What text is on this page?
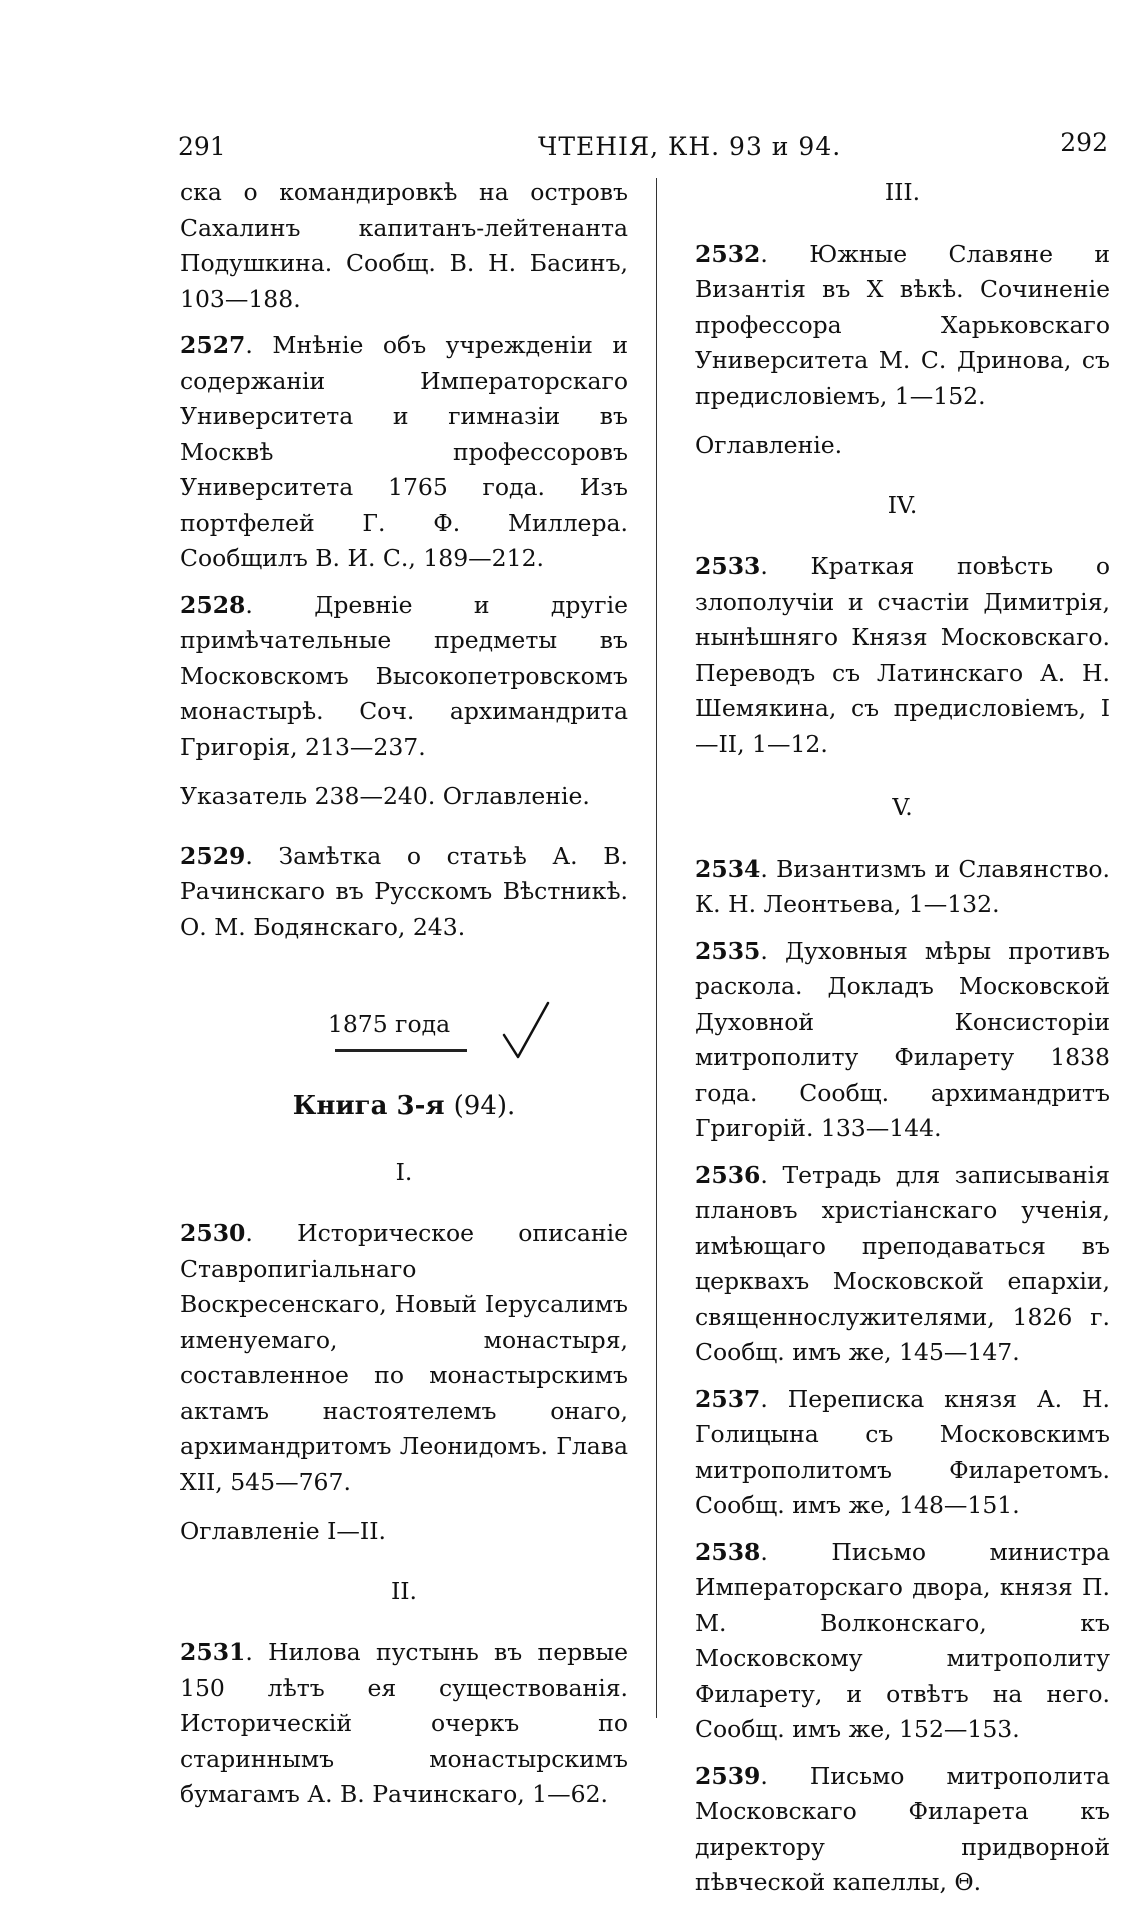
291	ЧТЕНІЯ, КН. 93 и 94.	292

ска о командировкѣ на островъ Сахалинъ капитанъ-лейтенанта Подушкина. Сообщ. В. Н. Басинъ, 103—188.

2527. Мнѣніе объ учрежденіи и содержаніи Императорскаго Университета и гимназіи въ Москвѣ профессоровъ Университета 1765 года. Изъ портфелей Г. Ф. Миллера. Сообщилъ В. И. С., 189—212.

2528. Древніе и другіе примѣчательные предметы въ Московскомъ Высокопетровскомъ монастырѣ. Соч. архимандрита Григорія, 213—237.

Указатель 238—240. Оглавленіе.

2529. Замѣтка о статьѣ А. В. Рачинскаго въ Русскомъ Вѣстникѣ. О. М. Бодянскаго, 243.

1875 года
Книга 3-я (94).
I.

2530. Историческое описаніе Ставропигіальнаго Воскресенскаго, Новый Іерусалимъ именуемаго, монастыря, составленное по монастырскимъ актамъ настоятелемъ онаго, архимандритомъ Леонидомъ. Глава XII, 545—767.

Оглавленіе I—II.

II.

2531. Нилова пустынь въ первые 150 лѣтъ ея существованія. Историческій очеркъ по стариннымъ монастырскимъ бумагамъ А. В. Рачинскаго, 1—62.

III.

2532. Южные Славяне и Византія въ X вѣкѣ. Сочиненіе профессора Харьковскаго Университета М. С. Дринова, съ предисловіемъ, 1—152.

Оглавленіе.

IV.

2533. Краткая повѣсть о злополучіи и счастіи Димитрія, нынѣшняго Князя Московскаго. Переводъ съ Латинскаго А. Н. Шемякина, съ предисловіемъ, I—II, 1—12.

V.

2534. Византизмъ и Славянство. К. Н. Леонтьева, 1—132.

2535. Духовныя мѣры противъ раскола. Докладъ Московской Духовной Консисторіи митрополиту Филарету 1838 года. Сообщ. архимандритъ Григорій. 133—144.

2536. Тетрадь для записыванія плановъ христіанскаго ученія, имѣющаго преподаваться въ церквахъ Московской епархіи, священнослужителями, 1826 г. Сообщ. имъ же, 145—147.

2537. Переписка князя А. Н. Голицына съ Московскимъ митрополитомъ Филаретомъ. Сообщ. имъ же, 148—151.

2538. Письмо министра Императорскаго двора, князя П. М. Волконскаго, къ Московскому митрополиту Филарету, и отвѣтъ на него. Сообщ. имъ же, 152—153.

2539. Письмо митрополита Московскаго Филарета къ директору придворной пѣвческой капеллы, Θ.
